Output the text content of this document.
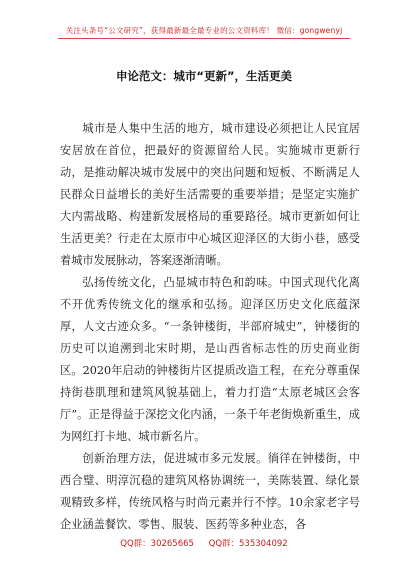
关注头条号“公文研究”，获得最新最全最专业的公文资料库！ 微信：gongwenyj
申论范文：城市“更新”，生活更美

城市是人集中生活的地方，城市建设必须把让人民宜居安居放在首位，把最好的资源留给人民。实施城市更新行动，是推动解决城市发展中的突出问题和短板、不断满足人民群众日益增长的美好生活需要的重要举措；是坚定实施扩大内需战略、构建新发展格局的重要路径。城市更新如何让生活更美？行走在太原市中心城区迎泽区的大街小巷，感受着城市发展脉动，答案逐渐清晰。

弘扬传统文化，凸显城市特色和韵味。中国式现代化离不开优秀传统文化的继承和弘扬。迎泽区历史文化底蕴深厚，人文古迹众多。“一条钟楼街，半部府城史”，钟楼街的历史可以追溯到北宋时期，是山西省标志性的历史商业街区。2020年启动的钟楼街片区提质改造工程，在充分尊重保持街巷肌理和建筑风貌基础上，着力打造“太原老城区会客厅”。正是得益于深挖文化内涵，一条千年老街焕新重生，成为网红打卡地、城市新名片。

创新治理方法，促进城市多元发展。徜徉在钟楼街，中西合璧、明淳沉稳的建筑风格协调统一，美陈装置、绿化景观精致多样，传统风格与时尚元素并行不悖。10余家老字号企业涵盖餐饮、零售、服装、医药等多种业态，各

QQ群：30265665 QQ群：535304092
